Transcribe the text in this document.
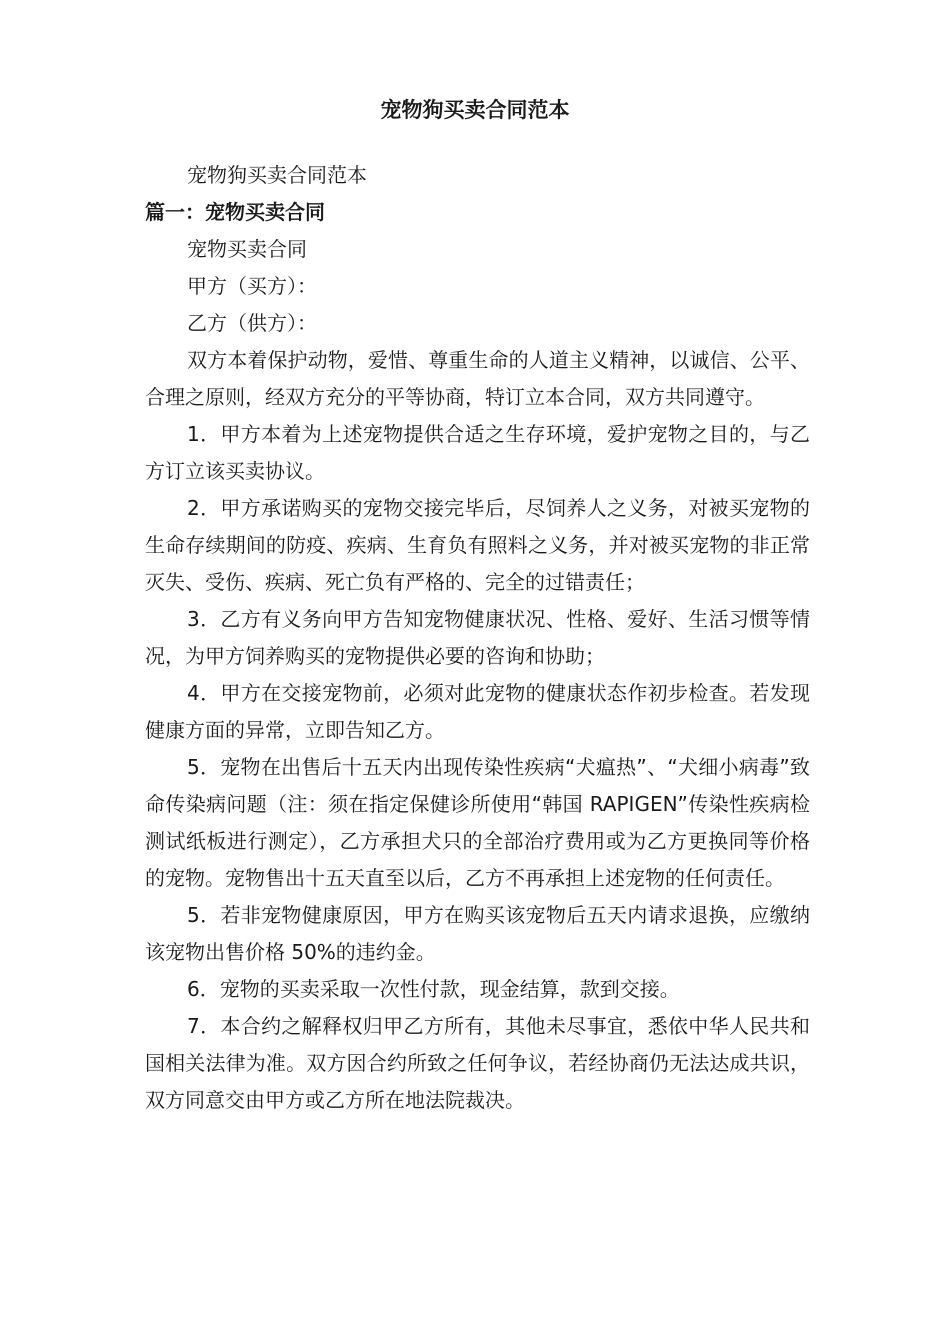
宠物狗买卖合同范本

宠物狗买卖合同范本

篇一：宠物买卖合同

宠物买卖合同

甲方（买方）：

乙方（供方）：

双方本着保护动物，爱惜、尊重生命的人道主义精神，以诚信、公平、合理之原则，经双方充分的平等协商，特订立本合同，双方共同遵守。

1．甲方本着为上述宠物提供合适之生存环境，爱护宠物之目的，与乙方订立该买卖协议。

2．甲方承诺购买的宠物交接完毕后，尽饲养人之义务，对被买宠物的生命存续期间的防疫、疾病、生育负有照料之义务，并对被买宠物的非正常灭失、受伤、疾病、死亡负有严格的、完全的过错责任；

3．乙方有义务向甲方告知宠物健康状况、性格、爱好、生活习惯等情况，为甲方饲养购买的宠物提供必要的咨询和协助；

4．甲方在交接宠物前，必须对此宠物的健康状态作初步检查。若发现健康方面的异常，立即告知乙方。

5．宠物在出售后十五天内出现传染性疾病“犬瘟热”、“犬细小病毒”致命传染病问题（注：须在指定保健诊所使用“韩国 RAPIGEN”传染性疾病检测试纸板进行测定），乙方承担犬只的全部治疗费用或为乙方更换同等价格的宠物。宠物售出十五天直至以后，乙方不再承担上述宠物的任何责任。

5．若非宠物健康原因，甲方在购买该宠物后五天内请求退换，应缴纳该宠物出售价格 50%的违约金。

6．宠物的买卖采取一次性付款，现金结算，款到交接。

7．本合约之解释权归甲乙方所有，其他未尽事宜，悉依中华人民共和国相关法律为准。双方因合约所致之任何争议，若经协商仍无法达成共识，双方同意交由甲方或乙方所在地法院裁决。
